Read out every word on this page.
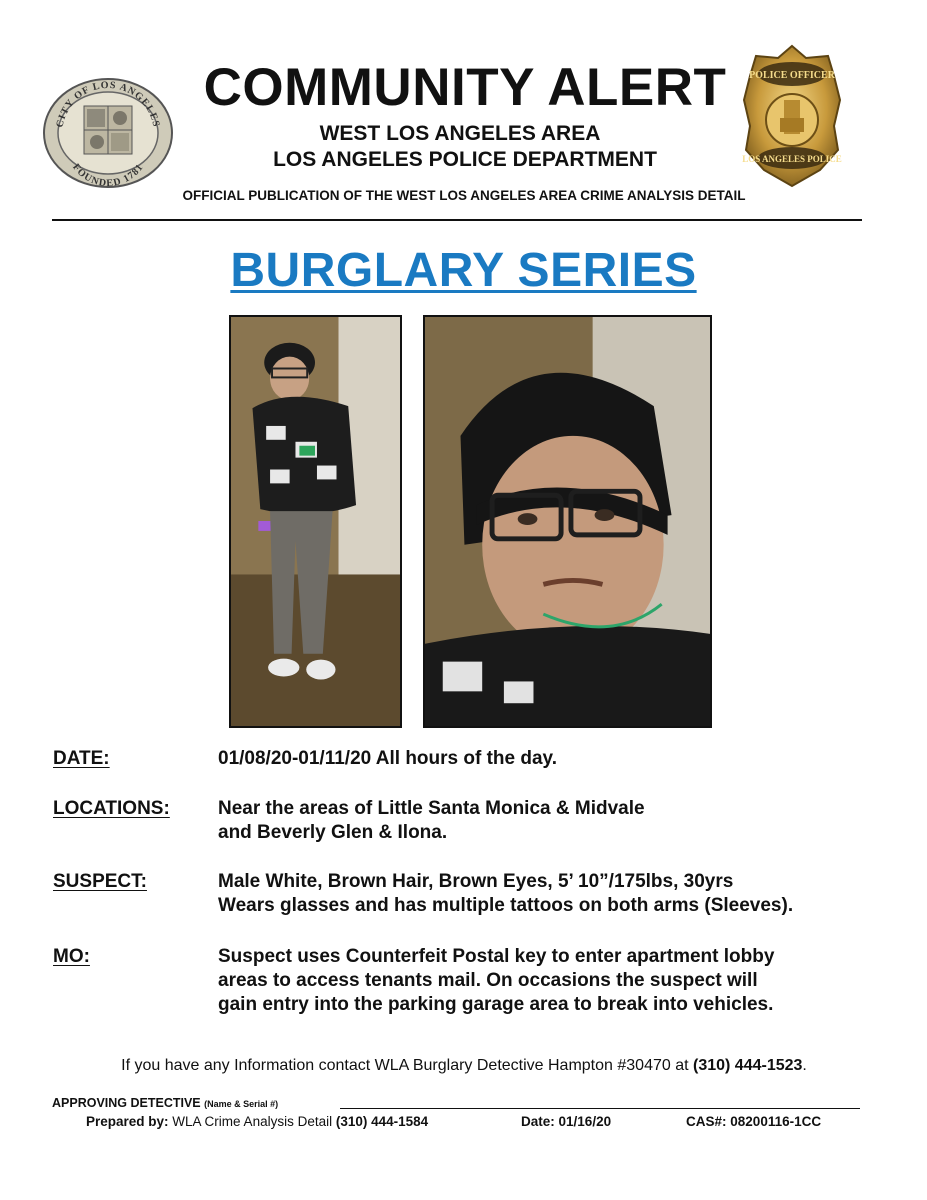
CITY OF LOS ANGELES
FOUNDED 1781
POLICE OFFICER
LOS ANGELES POLICE
COMMUNITY ALERT
WEST LOS ANGELES AREA
LOS ANGELES POLICE DEPARTMENT
OFFICIAL PUBLICATION OF THE WEST LOS ANGELES AREA CRIME ANALYSIS DETAIL
BURGLARY SERIES
DATE:	01/08/20-01/11/20 All hours of the day.
LOCATIONS:	Near the areas of Little Santa Monica & Midvale
and Beverly Glen & Ilona.
SUSPECT:	Male White, Brown Hair, Brown Eyes, 5’ 10”/175lbs, 30yrs
Wears glasses and has multiple tattoos on both arms (Sleeves).
MO:	Suspect uses Counterfeit Postal key to enter apartment lobby
areas to access tenants mail. On occasions the suspect will
gain entry into the parking garage area to break into vehicles.
If you have any Information contact WLA Burglary Detective Hampton #30470 at (310) 444-1523.
APPROVING DETECTIVE (Name & Serial #)
Prepared by: WLA Crime Analysis Detail (310) 444-1584	Date: 01/16/20	CAS#: 08200116-1CC
